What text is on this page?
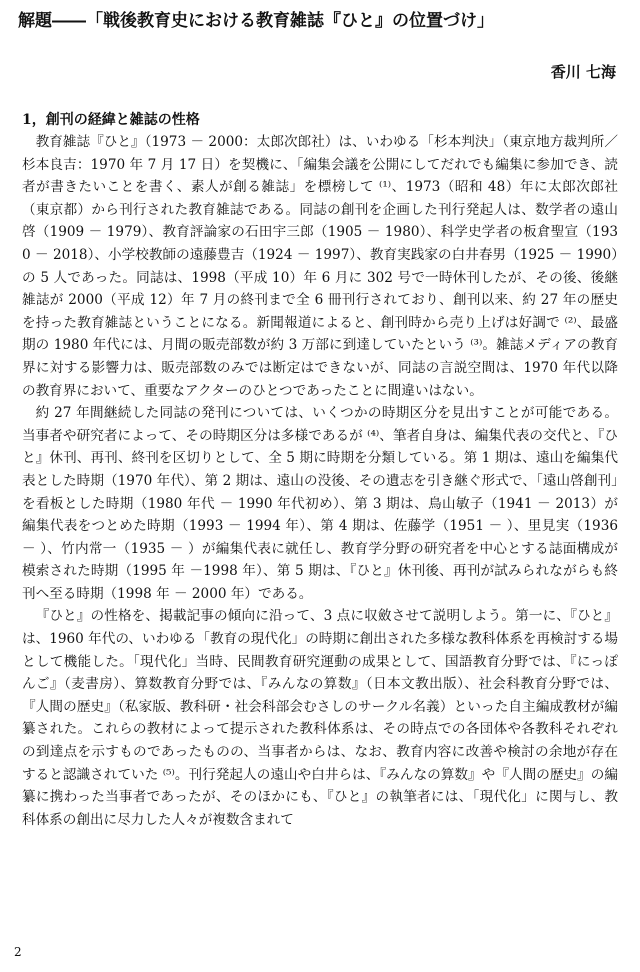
解題――「戦後教育史における教育雑誌『ひと』の位置づけ」
香川 七海
1，創刊の経緯と雑誌の性格

教育雑誌『ひと』（1973 － 2000：太郎次郎社）は、いわゆる「杉本判決」（東京地方裁判所／杉本良吉：1970 年 7 月 17 日）を契機に、「編集会議を公開にしてだれでも編集に参加でき、読者が書きたいことを書く、素人が創る雑誌」を標榜して ⁽¹⁾、1973（昭和 48）年に太郎次郎社（東京都）から刊行された教育雑誌である。同誌の創刊を企画した刊行発起人は、数学者の遠山啓（1909 － 1979）、教育評論家の石田宇三郎（1905 － 1980）、科学史学者の板倉聖宣（1930 － 2018）、小学校教師の遠藤豊吉（1924 － 1997）、教育実践家の白井春男（1925 － 1990）の 5 人であった。同誌は、1998（平成 10）年 6 月に 302 号で一時休刊したが、その後、後継雑誌が 2000（平成 12）年 7 月の終刊まで全 6 冊刊行されており、創刊以来、約 27 年の歴史を持った教育雑誌ということになる。新聞報道によると、創刊時から売り上げは好調で ⁽²⁾、最盛期の 1980 年代には、月間の販売部数が約 3 万部に到達していたという ⁽³⁾。雑誌メディアの教育界に対する影響力は、販売部数のみでは断定はできないが、同誌の言説空間は、1970 年代以降の教育界において、重要なアクターのひとつであったことに間違いはない。

約 27 年間継続した同誌の発刊については、いくつかの時期区分を見出すことが可能である。当事者や研究者によって、その時期区分は多様であるが ⁽⁴⁾、筆者自身は、編集代表の交代と、『ひと』休刊、再刊、終刊を区切りとして、全 5 期に時期を分類している。第 1 期は、遠山を編集代表とした時期（1970 年代）、第 2 期は、遠山の没後、その遺志を引き継ぐ形式で、「遠山啓創刊」を看板とした時期（1980 年代 － 1990 年代初め）、第 3 期は、鳥山敏子（1941 － 2013）が編集代表をつとめた時期（1993 － 1994 年）、第 4 期は、佐藤学（1951 － ）、里見実（1936 － ）、竹内常一（1935 － ）が編集代表に就任し、教育学分野の研究者を中心とする誌面構成が模索された時期（1995 年 －1998 年）、第 5 期は、『ひと』休刊後、再刊が試みられながらも終刊へ至る時期（1998 年 － 2000 年）である。

『ひと』の性格を、掲載記事の傾向に沿って、3 点に収斂させて説明しよう。第一に、『ひと』は、1960 年代の、いわゆる「教育の現代化」の時期に創出された多様な教科体系を再検討する場として機能した。「現代化」当時、民間教育研究運動の成果として、国語教育分野では、『にっぽんご』（麦書房）、算数教育分野では、『みんなの算数』（日本文教出版）、社会科教育分野では、『人間の歴史』（私家版、教科研・社会科部会むさしのサークル名義）といった自主編成教材が編纂された。これらの教材によって提示された教科体系は、その時点での各団体や各教科それぞれの到達点を示すものであったものの、当事者からは、なお、教育内容に改善や検討の余地が存在すると認識されていた ⁽⁵⁾。刊行発起人の遠山や白井らは、『みんなの算数』や『人間の歴史』の編纂に携わった当事者であったが、そのほかにも、『ひと』の執筆者には、「現代化」に関与し、教科体系の創出に尽力した人々が複数含まれて

2
